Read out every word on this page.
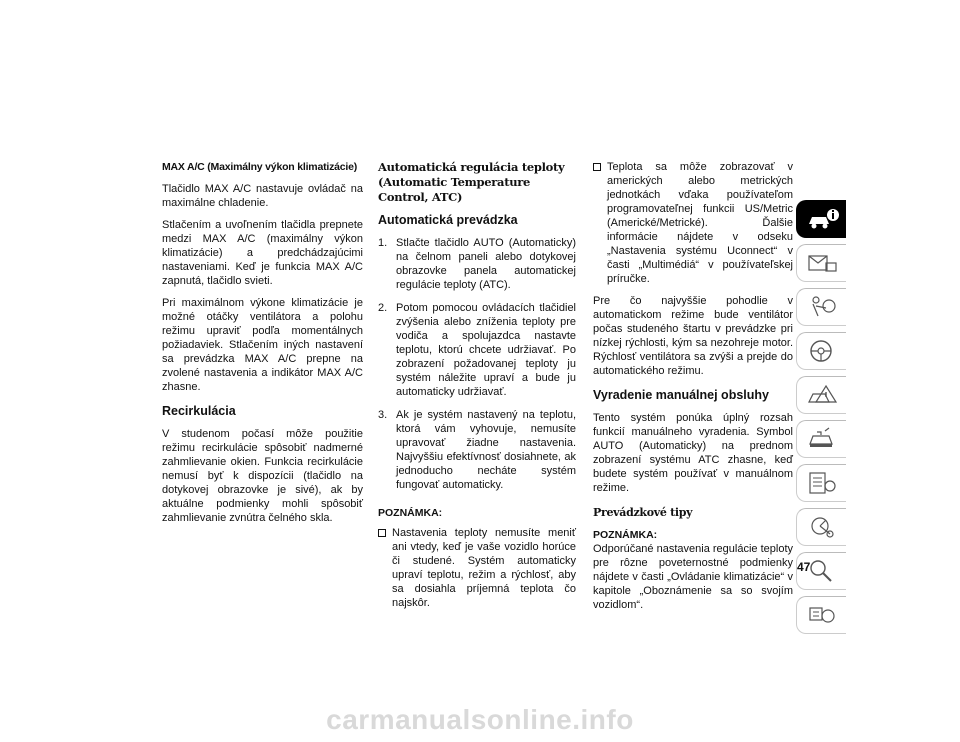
MAX A/C (Maximálny výkon klimatizácie)

Tlačidlo MAX A/C nastavuje ovládač na maximálne chladenie.

Stlačením a uvoľnením tlačidla prepnete medzi MAX A/C (maximálny výkon klimatizácie) a predchádzajúcimi nastaveniami. Keď je funkcia MAX A/C zapnutá, tlačidlo svieti.

Pri maximálnom výkone klimatizácie je možné otáčky ventilátora a polohu režimu upraviť podľa momentálnych požiadaviek. Stlačením iných nastavení sa prevádzka MAX A/C prepne na zvolené nastavenia a indikátor MAX A/C zhasne.

Recirkulácia

V studenom počasí môže použitie režimu recirkulácie spôsobiť nadmerné zahmlievanie okien. Funkcia recirkulácie nemusí byť k dispozícii (tlačidlo na dotykovej obrazovke je sivé), ak by aktuálne podmienky mohli spôsobiť zahmlievanie zvnútra čelného skla.

Automatická regulácia teploty (Automatic Temperature Control, ATC)
Automatická prevádzka
1. Stlačte tlačidlo AUTO (Automaticky) na čelnom paneli alebo dotykovej obrazovke panela automatickej regulácie teploty (ATC).
2. Potom pomocou ovládacích tlačidiel zvýšenia alebo zníženia teploty pre vodiča a spolujazdca nastavte teplotu, ktorú chcete udržiavať. Po zobrazení požadovanej teploty ju systém náležite upraví a bude ju automaticky udržiavať.
3. Ak je systém nastavený na teplotu, ktorá vám vyhovuje, nemusíte upravovať žiadne nastavenia. Najvyššiu efektívnosť dosiahnete, ak jednoducho necháte systém fungovať automaticky.
POZNÁMKA:
Nastavenia teploty nemusíte meniť ani vtedy, keď je vaše vozidlo horúce či studené. Systém automaticky upraví teplotu, režim a rýchlosť, aby sa dosiahla príjemná teplota čo najskôr.
Teplota sa môže zobrazovať v amerických alebo metrických jednotkách vďaka používateľom programovateľnej funkcii US/Metric (Americké/Metrické). Ďalšie informácie nájdete v odseku „Nastavenia systému Uconnect“ v časti „Multimédiá“ v používateľskej príručke.

Pre čo najvyššie pohodlie v automatickom režime bude ventilátor počas studeného štartu v prevádzke pri nízkej rýchlosti, kým sa nezohreje motor. Rýchlosť ventilátora sa zvýši a prejde do automatického režimu.

Vyradenie manuálnej obsluhy

Tento systém ponúka úplný rozsah funkcií manuálneho vyradenia. Symbol AUTO (Automaticky) na prednom zobrazení systému ATC zhasne, keď budete systém používať v manuálnom režime.

Prevádzkové tipy
POZNÁMKA:

Odporúčané nastavenia regulácie teploty pre rôzne poveternostné podmienky nájdete v časti „Ovládanie klimatizácie“ v kapitole „Oboznámenie sa so svojím vozidlom“.

47
carmanualsonline.info
